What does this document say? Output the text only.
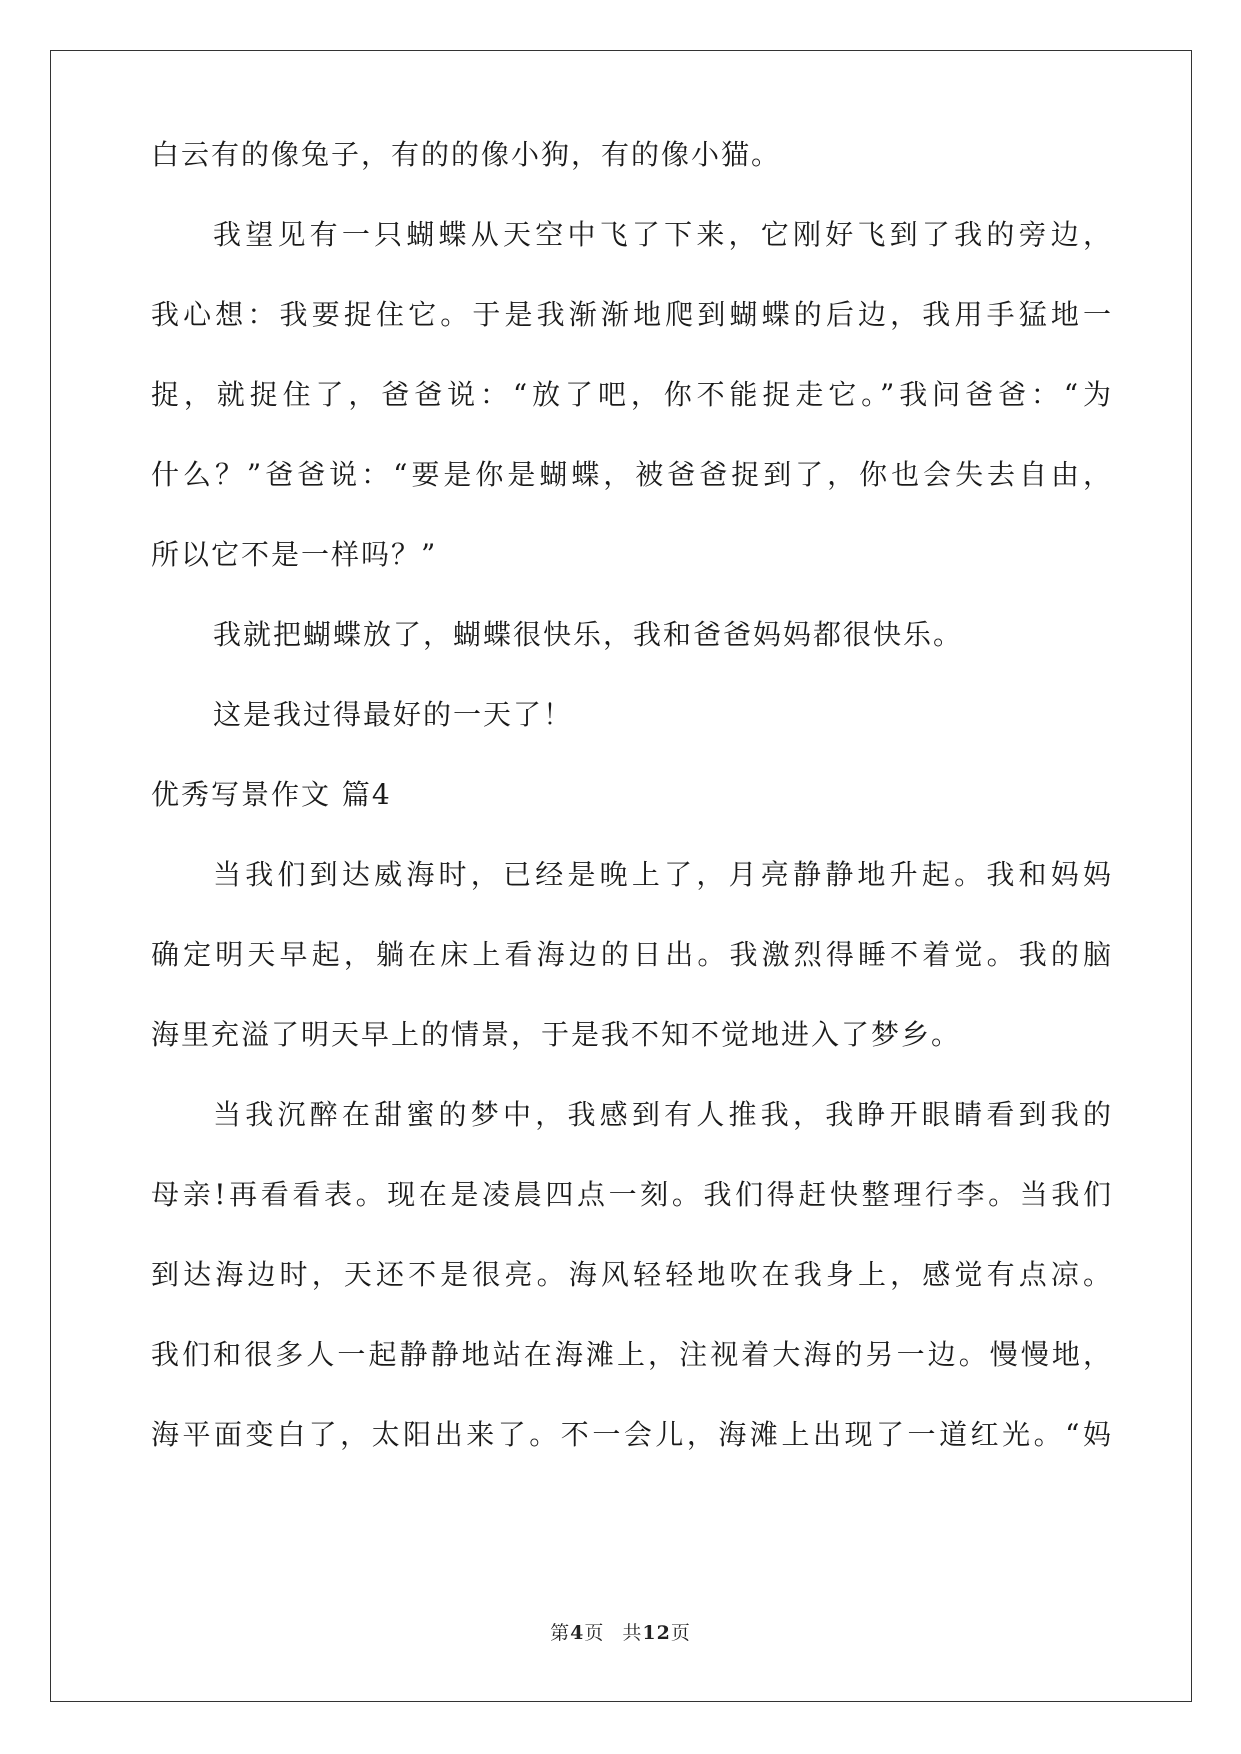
白云有的像兔子，有的的像小狗，有的像小猫。
我望见有一只蝴蝶从天空中飞了下来，它刚好飞到了我的旁边，
我心想：我要捉住它。于是我渐渐地爬到蝴蝶的后边，我用手猛地一
捉，就捉住了，爸爸说：“放了吧，你不能捉走它。”我问爸爸：“为
什么？”爸爸说：“要是你是蝴蝶，被爸爸捉到了，你也会失去自由，
所以它不是一样吗？”
我就把蝴蝶放了，蝴蝶很快乐，我和爸爸妈妈都很快乐。
这是我过得最好的一天了！
优秀写景作文 篇4
当我们到达威海时，已经是晚上了，月亮静静地升起。我和妈妈
确定明天早起，躺在床上看海边的日出。我激烈得睡不着觉。我的脑
海里充溢了明天早上的情景，于是我不知不觉地进入了梦乡。
当我沉醉在甜蜜的梦中，我感到有人推我，我睁开眼睛看到我的
母亲!再看看表。现在是凌晨四点一刻。我们得赶快整理行李。当我们
到达海边时，天还不是很亮。海风轻轻地吹在我身上，感觉有点凉。
我们和很多人一起静静地站在海滩上，注视着大海的另一边。慢慢地，
海平面变白了，太阳出来了。不一会儿，海滩上出现了一道红光。“妈
第4页 共12页
